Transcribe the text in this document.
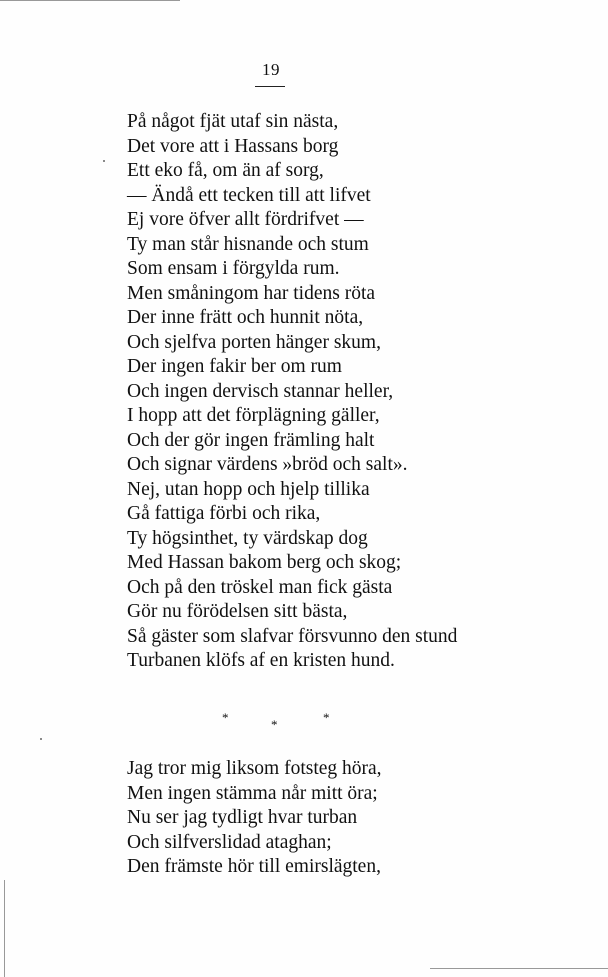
19
På något fjät utaf sin nästa,
Det vore att i Hassans borg
Ett eko få, om än af sorg,
— Ändå ett tecken till att lifvet
Ej vore öfver allt fördrifvet —
Ty man står hisnande och stum
Som ensam i förgylda rum.
Men småningom har tidens röta
Der inne frätt och hunnit nöta,
Och sjelfva porten hänger skum,
Der ingen fakir ber om rum
Och ingen dervisch stannar heller,
I hopp att det förplägning gäller,
Och der gör ingen främling halt
Och signar värdens »bröd och salt».
Nej, utan hopp och hjelp tillika
Gå fattiga förbi och rika,
Ty högsinthet, ty värdskap dog
Med Hassan bakom berg och skog;
Och på den tröskel man fick gästa
Gör nu förödelsen sitt bästa,
Så gäster som slafvar försvunno den stund
Turbanen klöfs af en kristen hund.
*	*	*
Jag tror mig liksom fotsteg höra,
Men ingen stämma når mitt öra;
Nu ser jag tydligt hvar turban
Och silfverslidad ataghan;
Den främste hör till emirslägten,
